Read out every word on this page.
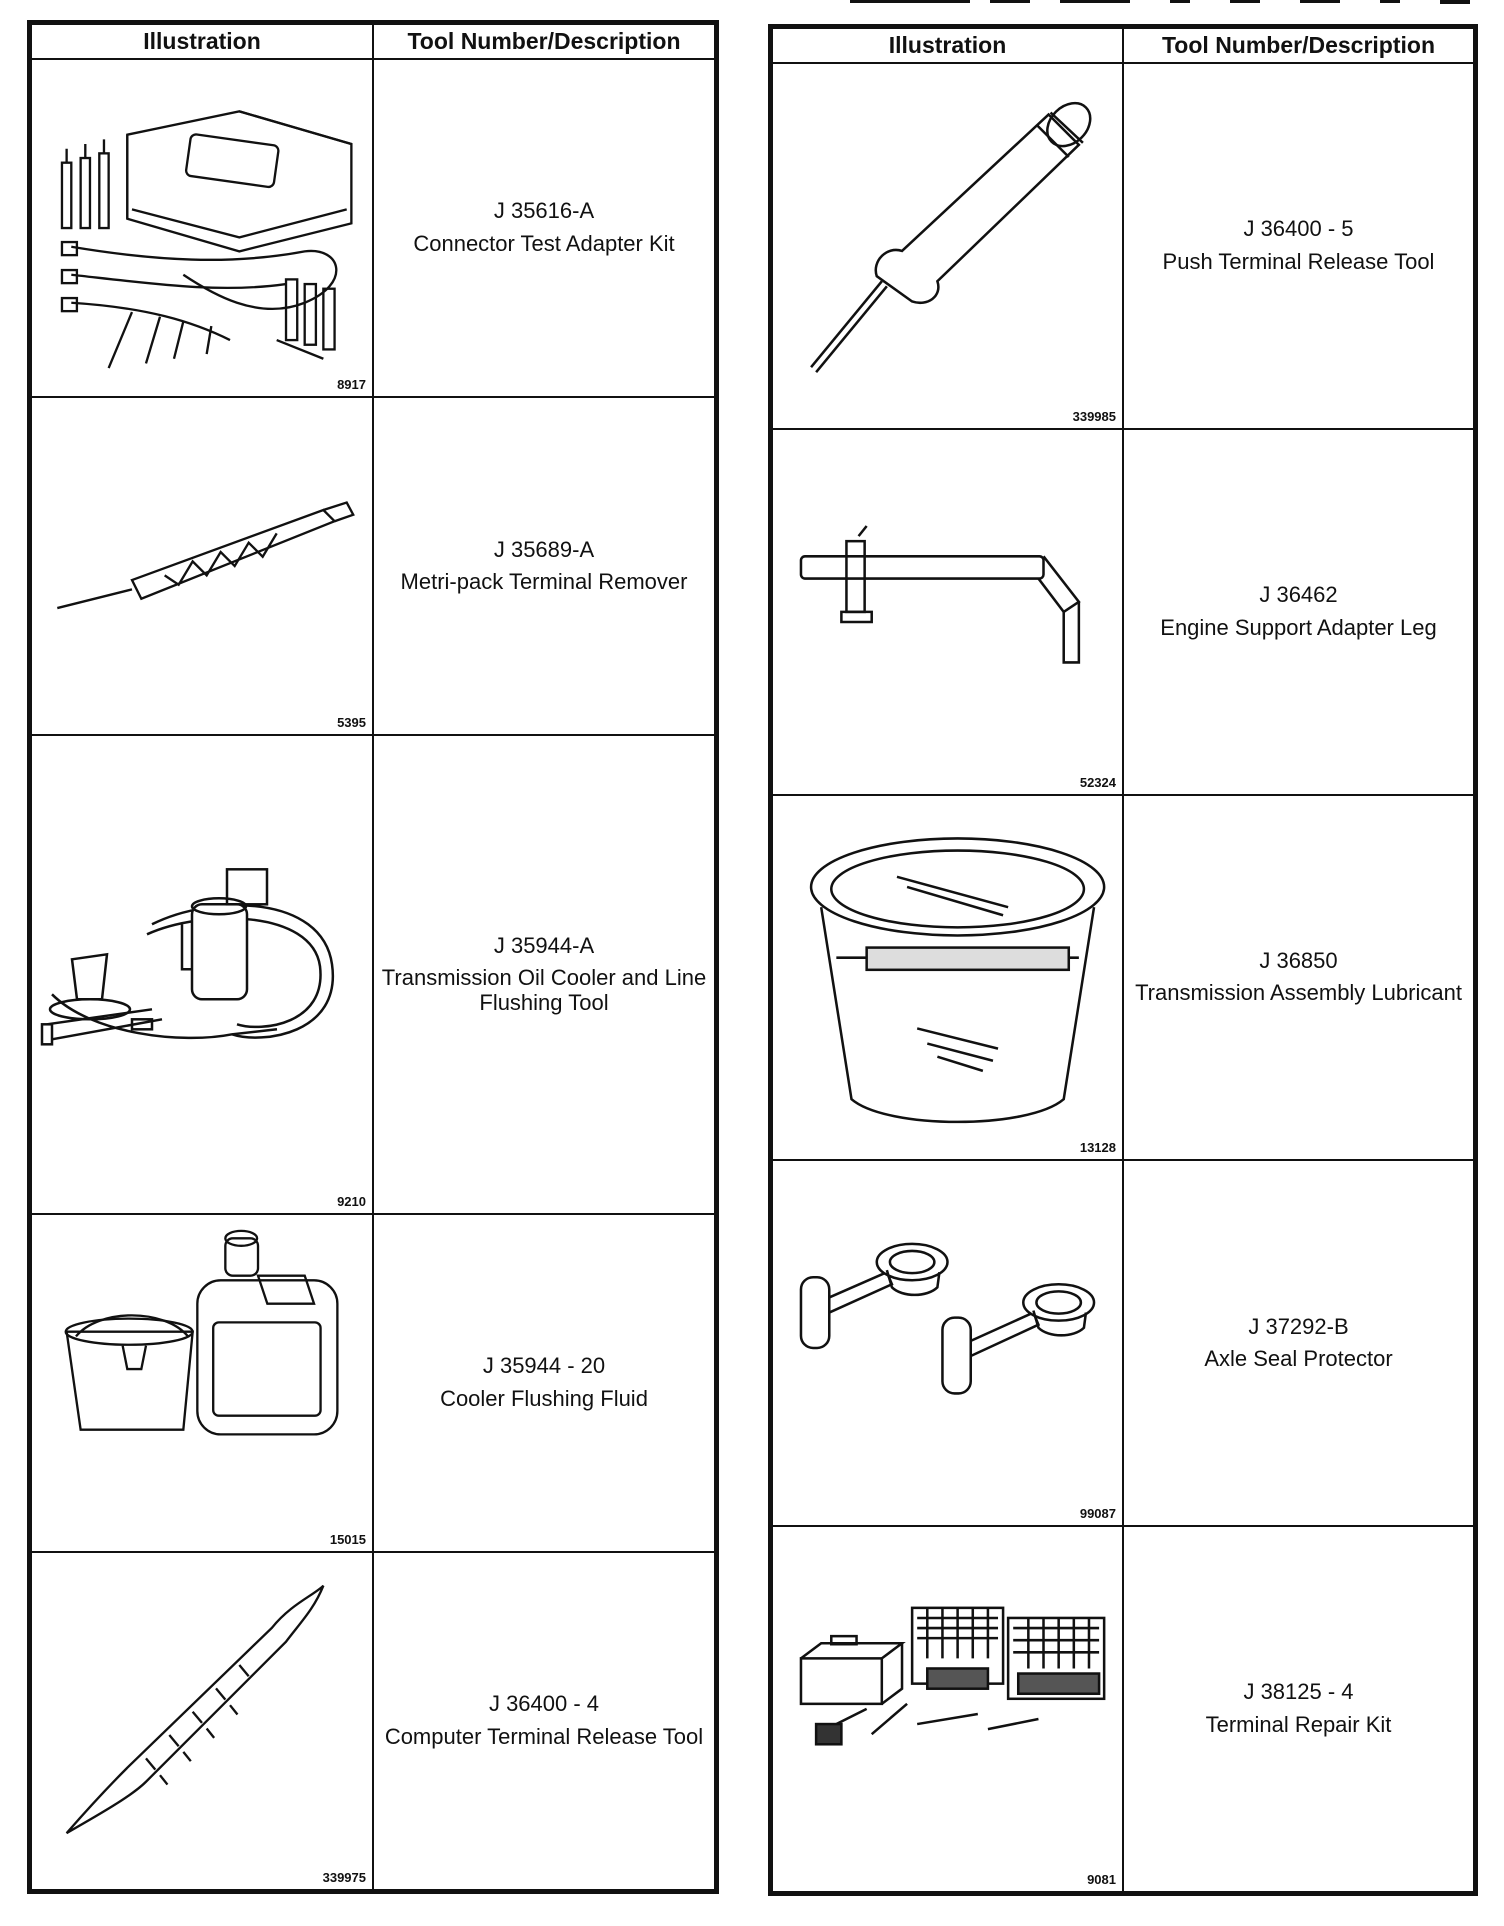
Illustration	Tool Number/Description

8917	J 35616-A
Connector Test Adapter Kit

5395	J 35689-A
Metri-pack Terminal Remover

9210	J 35944-A
Transmission Oil Cooler and Line Flushing Tool

15015	J 35944 - 20
Cooler Flushing Fluid

339975	J 36400 - 4
Computer Terminal Release Tool
Illustration	Tool Number/Description

339985	J 36400 - 5
Push Terminal Release Tool

52324	J 36462
Engine Support Adapter Leg

13128	J 36850
Transmission Assembly Lubricant

99087	J 37292-B
Axle Seal Protector

9081	J 38125 - 4
Terminal Repair Kit
